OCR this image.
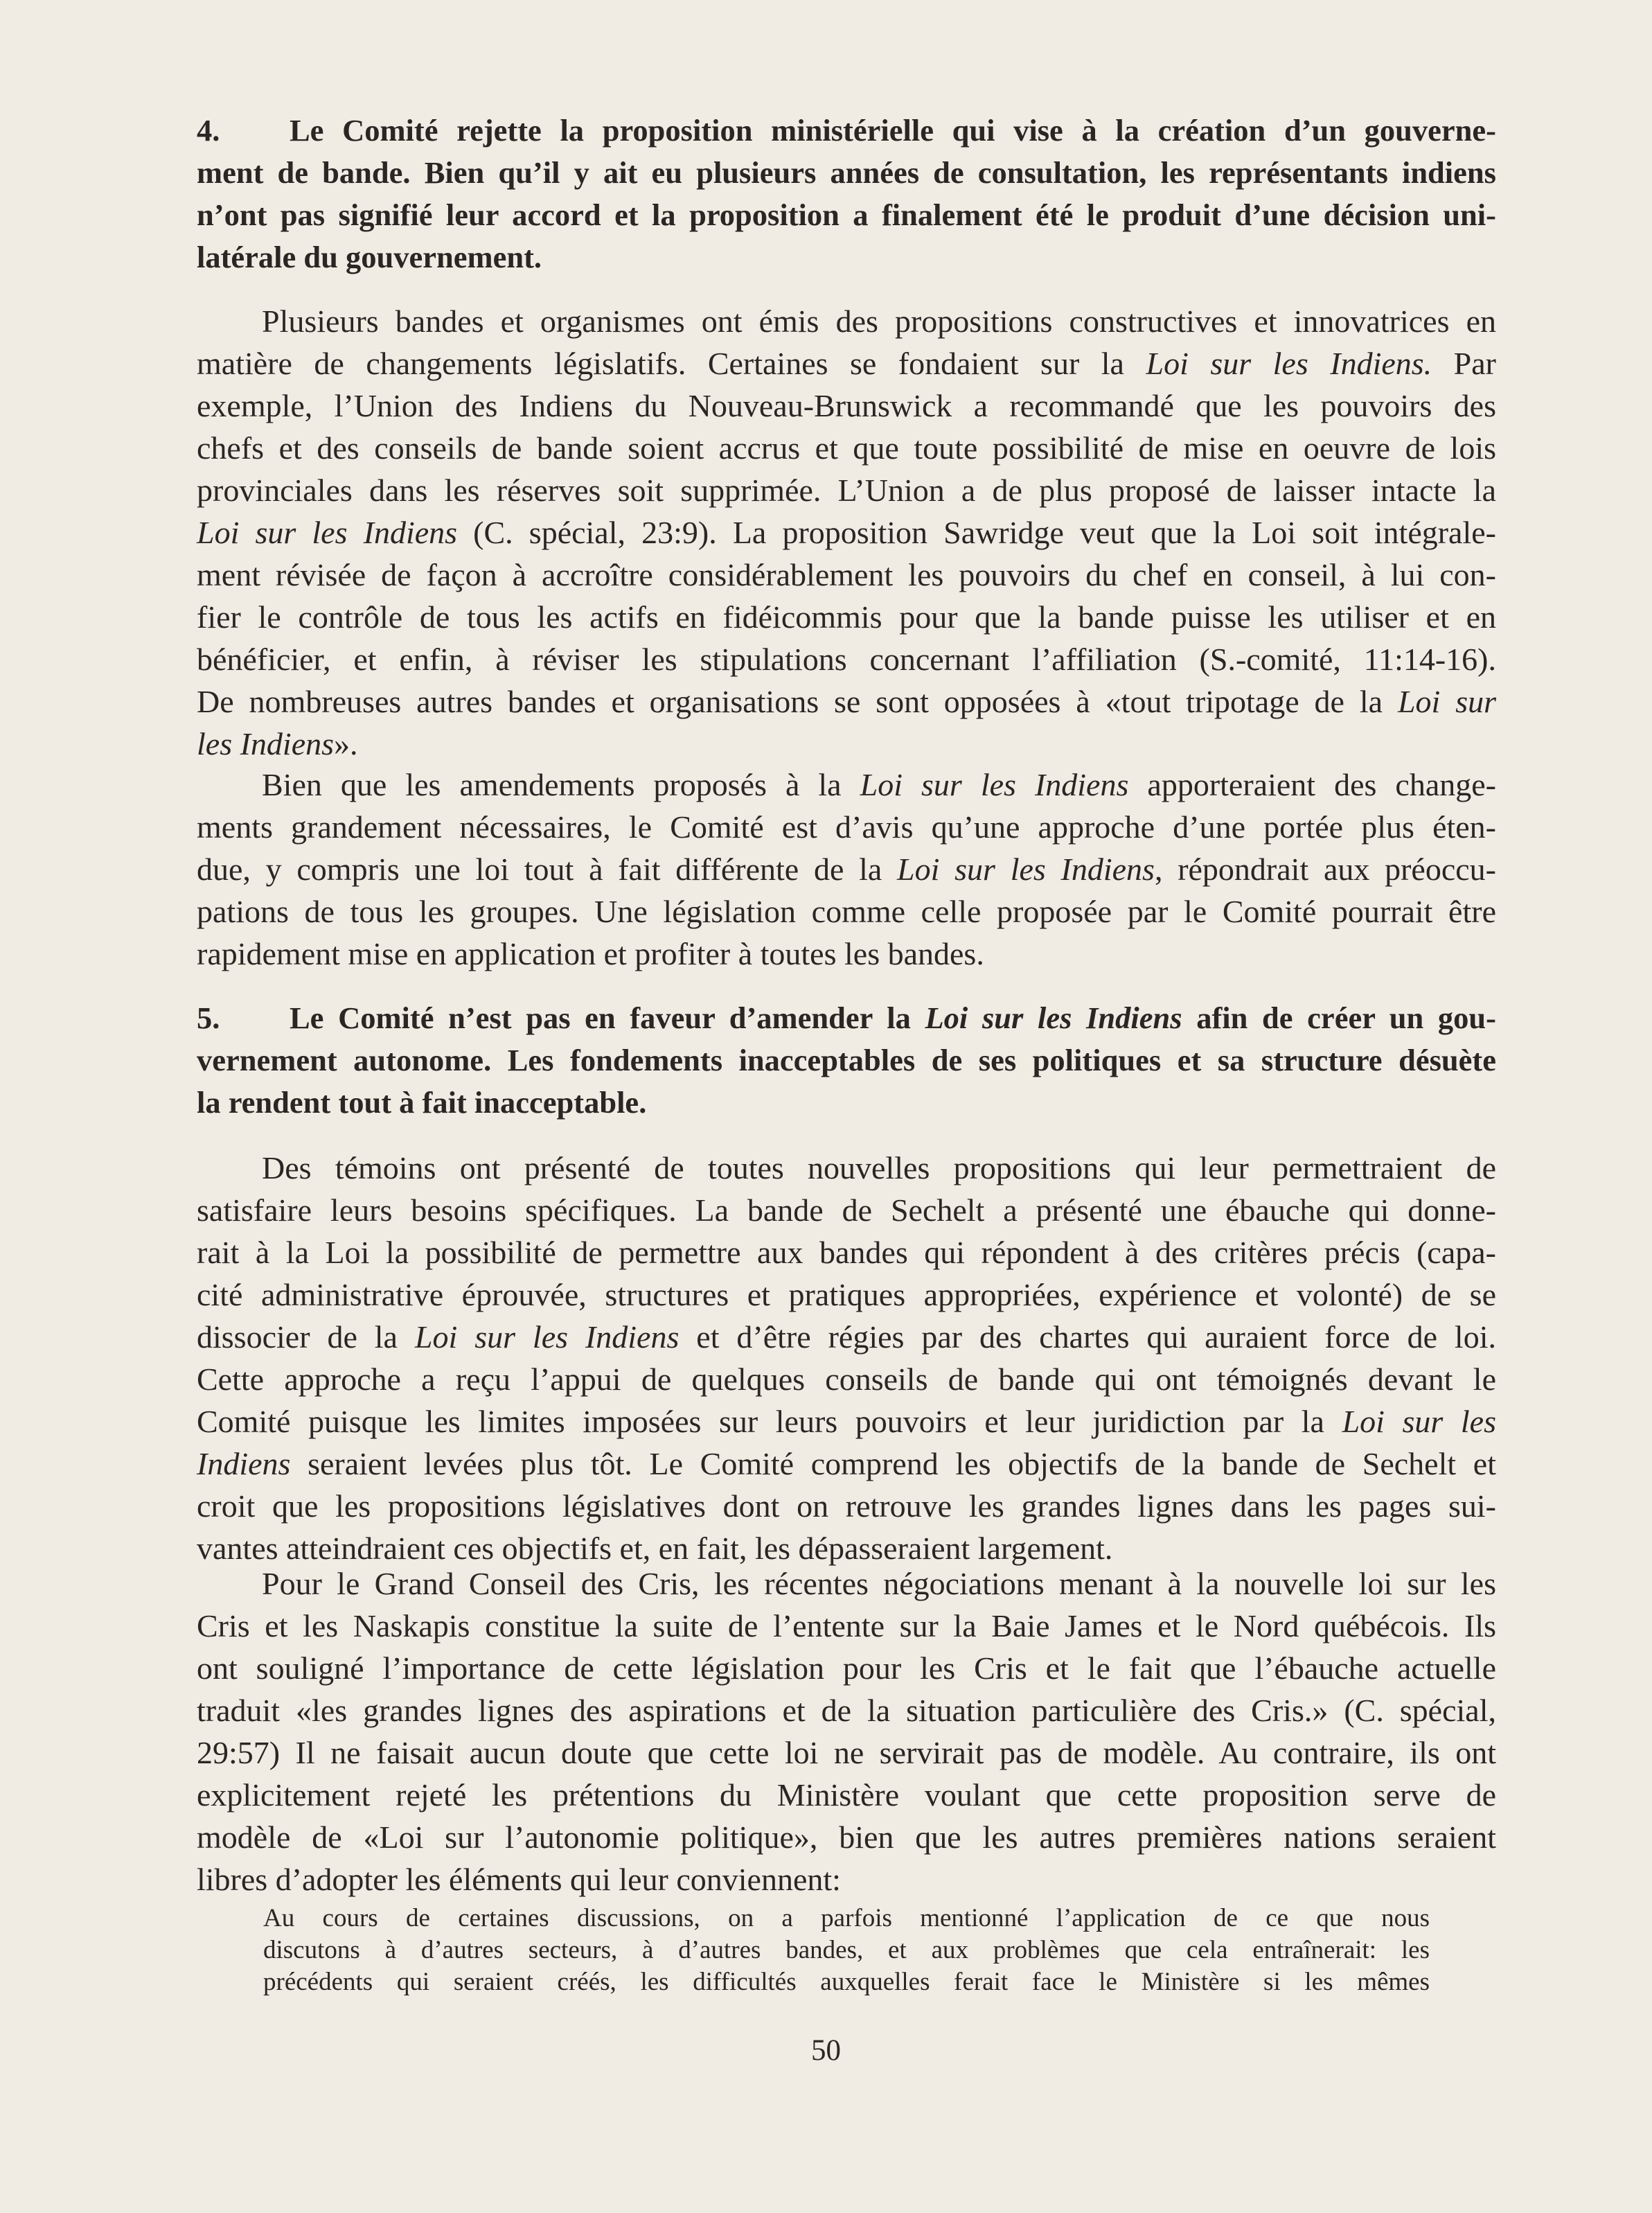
4. Le Comité rejette la proposition ministérielle qui vise à la création d’un gouverne-
ment de bande. Bien qu’il y ait eu plusieurs années de consultation, les représentants indiens
n’ont pas signifié leur accord et la proposition a finalement été le produit d’une décision uni-
latérale du gouvernement.
Plusieurs bandes et organismes ont émis des propositions constructives et innovatrices en
matière de changements législatifs. Certaines se fondaient sur la Loi sur les Indiens. Par
exemple, l’Union des Indiens du Nouveau-Brunswick a recommandé que les pouvoirs des
chefs et des conseils de bande soient accrus et que toute possibilité de mise en oeuvre de lois
provinciales dans les réserves soit supprimée. L’Union a de plus proposé de laisser intacte la
Loi sur les Indiens (C. spécial, 23:9). La proposition Sawridge veut que la Loi soit intégrale-
ment révisée de façon à accroître considérablement les pouvoirs du chef en conseil, à lui con-
fier le contrôle de tous les actifs en fidéicommis pour que la bande puisse les utiliser et en
bénéficier, et enfin, à réviser les stipulations concernant l’affiliation (S.-comité, 11:14-16).
De nombreuses autres bandes et organisations se sont opposées à «tout tripotage de la Loi sur
les Indiens».
Bien que les amendements proposés à la Loi sur les Indiens apporteraient des change-
ments grandement nécessaires, le Comité est d’avis qu’une approche d’une portée plus éten-
due, y compris une loi tout à fait différente de la Loi sur les Indiens, répondrait aux préoccu-
pations de tous les groupes. Une législation comme celle proposée par le Comité pourrait être
rapidement mise en application et profiter à toutes les bandes.
5. Le Comité n’est pas en faveur d’amender la Loi sur les Indiens afin de créer un gou-
vernement autonome. Les fondements inacceptables de ses politiques et sa structure désuète
la rendent tout à fait inacceptable.
Des témoins ont présenté de toutes nouvelles propositions qui leur permettraient de
satisfaire leurs besoins spécifiques. La bande de Sechelt a présenté une ébauche qui donne-
rait à la Loi la possibilité de permettre aux bandes qui répondent à des critères précis (capa-
cité administrative éprouvée, structures et pratiques appropriées, expérience et volonté) de se
dissocier de la Loi sur les Indiens et d’être régies par des chartes qui auraient force de loi.
Cette approche a reçu l’appui de quelques conseils de bande qui ont témoignés devant le
Comité puisque les limites imposées sur leurs pouvoirs et leur juridiction par la Loi sur les
Indiens seraient levées plus tôt. Le Comité comprend les objectifs de la bande de Sechelt et
croit que les propositions législatives dont on retrouve les grandes lignes dans les pages sui-
vantes atteindraient ces objectifs et, en fait, les dépasseraient largement.
Pour le Grand Conseil des Cris, les récentes négociations menant à la nouvelle loi sur les
Cris et les Naskapis constitue la suite de l’entente sur la Baie James et le Nord québécois. Ils
ont souligné l’importance de cette législation pour les Cris et le fait que l’ébauche actuelle
traduit «les grandes lignes des aspirations et de la situation particulière des Cris.» (C. spécial,
29:57) Il ne faisait aucun doute que cette loi ne servirait pas de modèle. Au contraire, ils ont
explicitement rejeté les prétentions du Ministère voulant que cette proposition serve de
modèle de «Loi sur l’autonomie politique», bien que les autres premières nations seraient
libres d’adopter les éléments qui leur conviennent:
Au cours de certaines discussions, on a parfois mentionné l’application de ce que nous
discutons à d’autres secteurs, à d’autres bandes, et aux problèmes que cela entraînerait: les
précédents qui seraient créés, les difficultés auxquelles ferait face le Ministère si les mêmes
50
